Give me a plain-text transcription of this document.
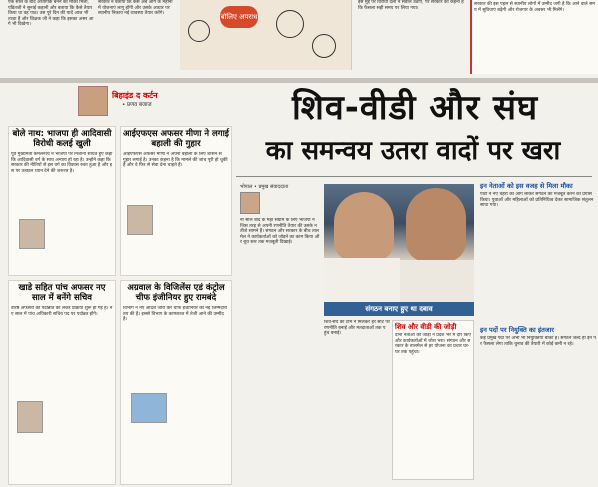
एक साल के बाद अध्यापक बनने का मौका मिला, पंडितजी ने सुनाई कहानी और बताया कि कैसे तैयार किया था वह पाठ। उस पूरे दिन की यादें आज भी ताज़ा हैं और शिक्षक जी ने कहा कि इसका असर आगे भी दिखेगा।
सरकार ने बताया कि कैसे अब आगे के महीनों में योजनाएं लागू होंगी और उसके आधार पर स्थानीय निकाय नई व्यवस्था तैयार करेंगे।	बोलिए अपराध
इस मुद्दे पर विरोधी दलों ने सवाल उठाए, पर सरकार का कहना है कि फैसला सही समय पर लिया गया।
सरकार की इस पहल से स्थानीय लोगों में उम्मीद जगी है कि आने वाले समय में सुविधाएं बढ़ेंगी और रोजगार के अवसर भी मिलेंगे।
बिहाइंड द कर्टन
• प्रणव बजाज
बोले नाथ: भाजपा ही आदिवासी विरोधी कलई खुली
पूर्व मुख्यमंत्री कमलनाथ ने भाजपा पर निशाना साधते हुए कहा कि आदिवासी वर्ग के साथ अन्याय हो रहा है। उन्होंने कहा कि सरकार की नीतियों से इस वर्ग का विकास रुका हुआ है और इस पर तत्काल ध्यान देने की जरूरत है।
आईएफएस अफसर मीणा ने लगाई बहाली की गुहार
आईएफएस अफसर मीणा ने अपनी बहाली के लिए शासन से गुहार लगाई है। उनका कहना है कि मामले की जांच पूरी हो चुकी है और वे फिर से सेवा देना चाहते हैं।
खाडे सहित पांच अफसर नए साल में बनेंगे सचिव
वरिष्ठ अफसरों की पदोन्नति को लेकर प्रक्रिया शुरू हो गई है। नए साल में पांच अधिकारी सचिव पद पर पदोन्नत होंगे।
अग्रवाल के विजिलेंस एडं कंट्रोल चीफ इंजीनियर हुए रामबंदे
विभाग ने नए आदेश जारी कर चीफ इंजीनियर की नई जिम्मेदारी तय की है। इससे विभाग के कामकाज में तेजी आने की उम्मीद है।
शिव-वीडी और संघ
का समन्वय उतरा वादों पर खरा
भोपाल • प्रमुख संवाददाता
नौ साल बाद के महा संग्राम के लिए भाजपा ने जिस तरह से अपनी रणनीति तैयार की उसके नतीजे सामने हैं। संगठन और सरकार के बीच तालमेल ने कार्यकर्ताओं को जोड़ने का काम किया और बूथ स्तर तक मजबूती दिखाई।
संगठन बनाए हुए था दबाव
शिव-संघ की टीम ने मिलकर हर सीट पर रणनीति बनाई और मतदाताओं तक पहुंच बनाई।
शिव और वीडी की जोड़ी
दोनों नेताओं की जोड़ी ने प्रदेश भर में दौरे किए और कार्यकर्ताओं में जोश भरा। संगठन और सरकार के तालमेल से हर योजना का प्रचार घर-घर तक पहुंचा।
इन नेताओं को इस वजह से मिला मौका
पार्टी ने नए चेहरों को आगे लाकर संगठन को मजबूत करने का प्रयास किया। युवाओं और महिलाओं को प्रतिनिधित्व देकर सामाजिक संतुलन साधा गया।
इन पदों पर नियुक्ति का इंतजार
कई प्रमुख पदों पर अभी भी नियुक्तियां बाकी हैं। संगठन जल्द ही इन पर फैसला लेगा ताकि चुनाव की तैयारी में कोई कमी न रहे।
